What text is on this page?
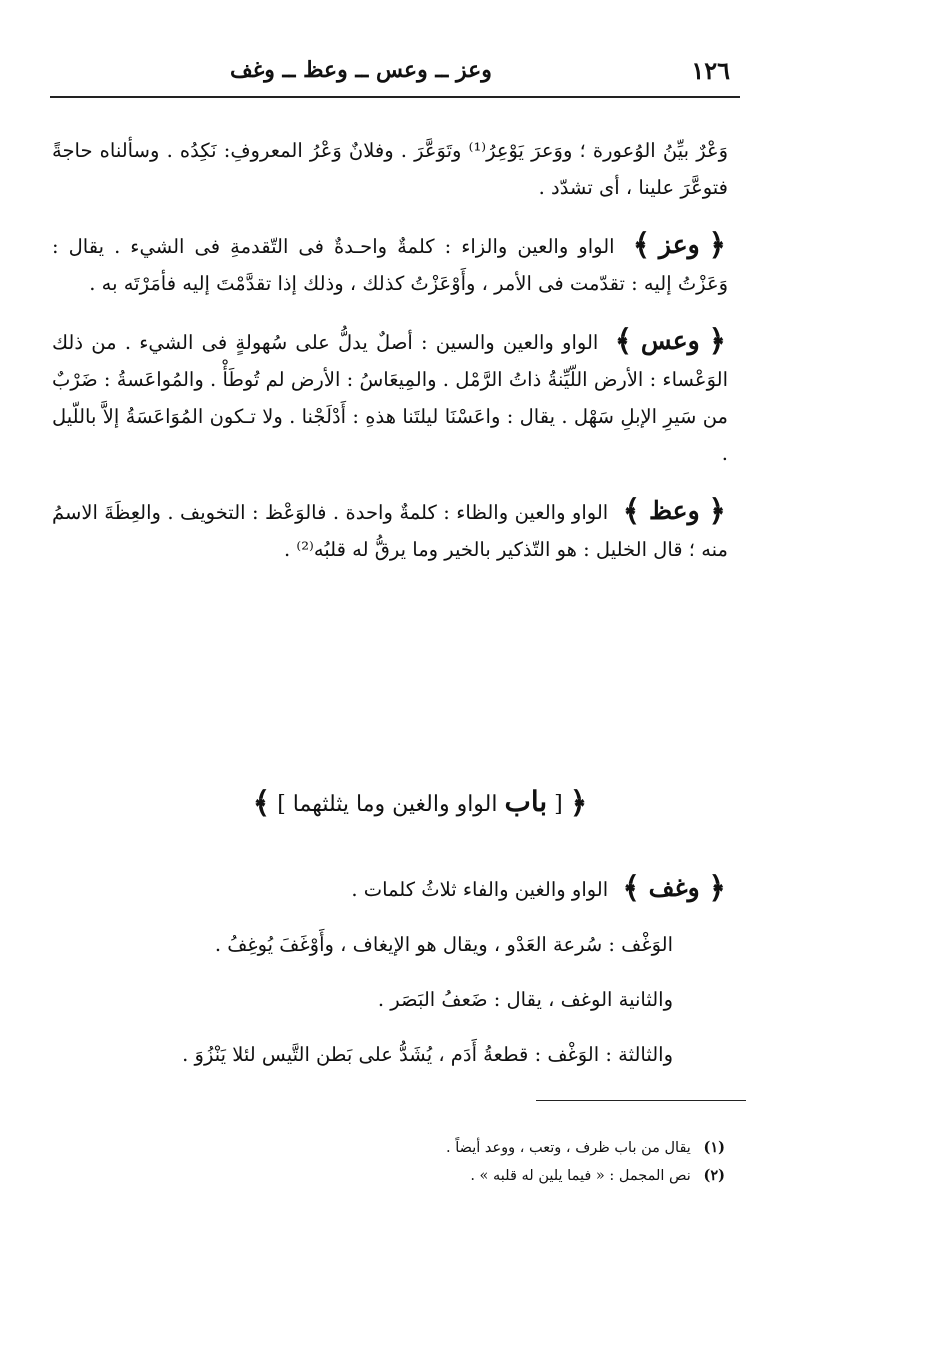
١٢٦
وعز ــ وعس ــ وعظ ــ وغف

وَعْرٌ بيِّنُ الوُعورة ؛ ووَعرَ يَوْعِرُ⁽¹⁾ وتَوَعَّرَ . وفلانٌ وَعْرُ المعروفِ: نَكِدُه . وسألناه حاجةً فتوعَّرَ علينا ، أى تشدّد .

﴿ وعز ﴾ الواو والعين والزاء : كلمةٌ واحـدةٌ فى التّقدمةِ فى الشيء . يقال : وَعَزْتُ إليه : تقدّمت فى الأمر ، وأَوْعَزْتُ كذلك ، وذلك إذا تقدَّمْتَ إليه فأمَرْتَه به .

﴿ وعس ﴾ الواو والعين والسين : أصلٌ يدلُّ على سُهولةٍ فى الشيء . من ذلك الوَعْساء : الأرض اللّيِّنةُ ذاتُ الرَّمْل . والمِيعَاسُ : الأرض لم تُوطَأْ . والمُواعَسةُ : ضَرْبٌ من سَيرِ الإبلِ سَهْل . يقال : واعَسْنَا ليلتَنا هذهِ : أَدْلَجْنا . ولا تـكون المُوَاعَسَةُ إلاَّ باللّيل .

﴿ وعظ ﴾ الواو والعين والظاء : كلمةٌ واحدة . فالوَعْظ : التخويف . والعِظَةَ الاسمُ منه ؛ قال الخليل : هو التّذكير بالخير وما يرقُّ له قلبُه⁽²⁾ .

﴿ [ باب الواو والغين وما يثلثهما ] ﴾

﴿ وغف ﴾ الواو والغين والفاء ثلاثُ كلمات .

الوَغْف : سُرعة العَدْو ، ويقال هو الإيغاف ، وأَوْغَفَ يُوغِفُ .

والثانية الوغف ، يقال : ضَعفُ البَصَر .

والثالثة : الوَغْف : قطعةُ أَدَم ، يُشَدُّ على بَطن التَّيس لئلا يَنْزُوَ .

(١) يقال من باب ظرف ، وتعب ، ووعد أيضاً .

(٢) نص المجمل : « فيما يلين له قلبه » .
